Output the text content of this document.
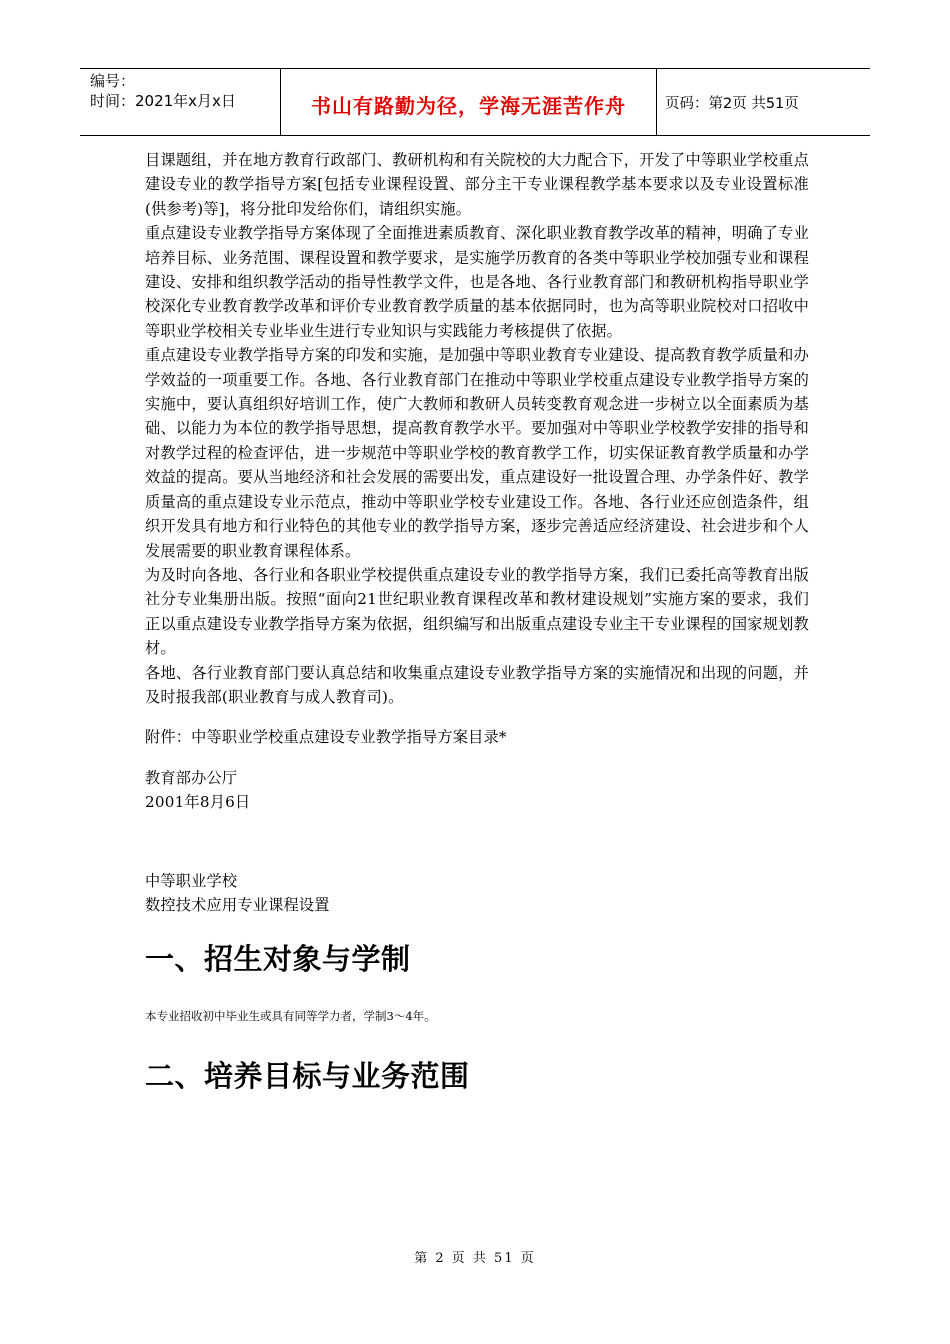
编号：
时间：2021年x月x日	书山有路勤为径，学海无涯苦作舟	页码：第2页 共51页

目课题组，并在地方教育行政部门、教研机构和有关院校的大力配合下，开发了中等职业学校重点建设专业的教学指导方案[包括专业课程设置、部分主干专业课程教学基本要求以及专业设置标准(供参考)等]，将分批印发给你们，请组织实施。

重点建设专业教学指导方案体现了全面推进素质教育、深化职业教育教学改革的精神，明确了专业培养目标、业务范围、课程设置和教学要求，是实施学历教育的各类中等职业学校加强专业和课程建设、安排和组织教学活动的指导性教学文件，也是各地、各行业教育部门和教研机构指导职业学校深化专业教育教学改革和评价专业教育教学质量的基本依据同时，也为高等职业院校对口招收中等职业学校相关专业毕业生进行专业知识与实践能力考核提供了依据。

重点建设专业教学指导方案的印发和实施，是加强中等职业教育专业建设、提高教育教学质量和办学效益的一项重要工作。各地、各行业教育部门在推动中等职业学校重点建设专业教学指导方案的实施中，要认真组织好培训工作，使广大教师和教研人员转变教育观念进一步树立以全面素质为基础、以能力为本位的教学指导思想，提高教育教学水平。要加强对中等职业学校教学安排的指导和对教学过程的检查评估，进一步规范中等职业学校的教育教学工作，切实保证教育教学质量和办学效益的提高。要从当地经济和社会发展的需要出发，重点建设好一批设置合理、办学条件好、教学质量高的重点建设专业示范点，推动中等职业学校专业建设工作。各地、各行业还应创造条件，组织开发具有地方和行业特色的其他专业的教学指导方案，逐步完善适应经济建设、社会进步和个人发展需要的职业教育课程体系。

为及时向各地、各行业和各职业学校提供重点建设专业的教学指导方案，我们已委托高等教育出版社分专业集册出版。按照“面向21世纪职业教育课程改革和教材建设规划”实施方案的要求，我们正以重点建设专业教学指导方案为依据，组织编写和出版重点建设专业主干专业课程的国家规划教材。

各地、各行业教育部门要认真总结和收集重点建设专业教学指导方案的实施情况和出现的问题，并及时报我部(职业教育与成人教育司)。

附件：中等职业学校重点建设专业教学指导方案目录*

教育部办公厅

2001年8月6日

中等职业学校

数控技术应用专业课程设置

一、招生对象与学制

本专业招收初中毕业生或具有同等学力者，学制3～4年。

二、培养目标与业务范围
第 2 页 共 51 页
